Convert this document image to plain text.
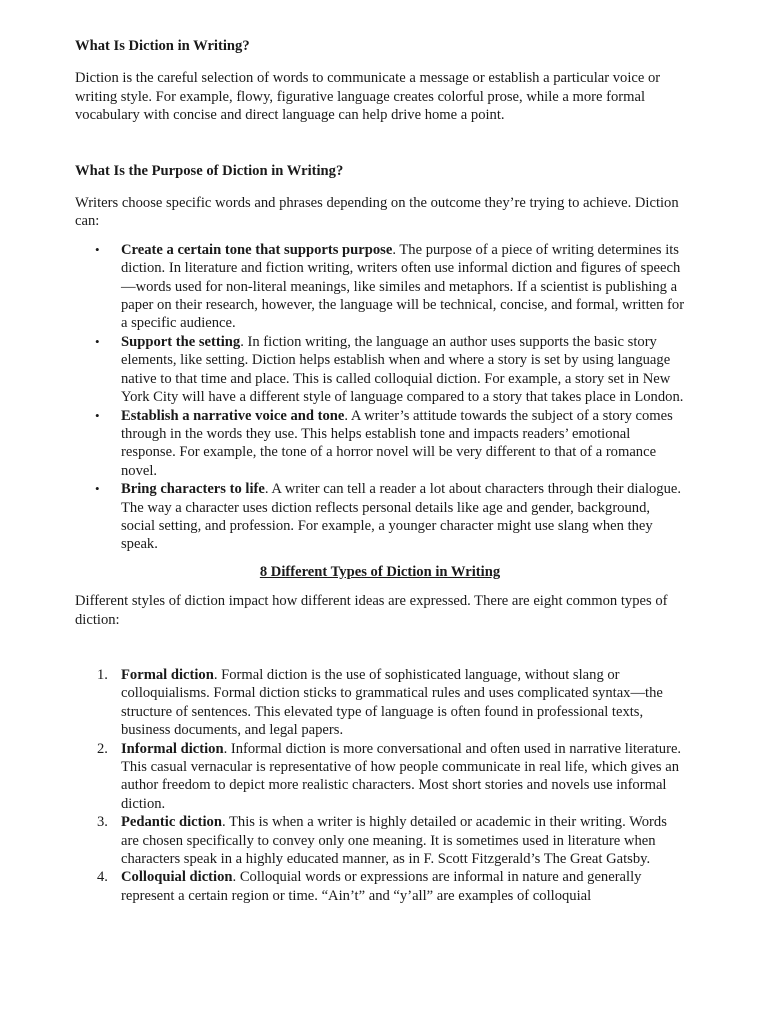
What Is Diction in Writing?

Diction is the careful selection of words to communicate a message or establish a particular voice or writing style. For example, flowy, figurative language creates colorful prose, while a more formal vocabulary with concise and direct language can help drive home a point.

What Is the Purpose of Diction in Writing?

Writers choose specific words and phrases depending on the outcome they’re trying to achieve. Diction can:

• Create a certain tone that supports purpose. The purpose of a piece of writing determines its diction. In literature and fiction writing, writers often use informal diction and figures of speech—words used for non-literal meanings, like similes and metaphors. If a scientist is publishing a paper on their research, however, the language will be technical, concise, and formal, written for a specific audience.
• Support the setting. In fiction writing, the language an author uses supports the basic story elements, like setting. Diction helps establish when and where a story is set by using language native to that time and place. This is called colloquial diction. For example, a story set in New York City will have a different style of language compared to a story that takes place in London.
• Establish a narrative voice and tone. A writer’s attitude towards the subject of a story comes through in the words they use. This helps establish tone and impacts readers’ emotional response. For example, the tone of a horror novel will be very different to that of a romance novel.
• Bring characters to life. A writer can tell a reader a lot about characters through their dialogue. The way a character uses diction reflects personal details like age and gender, background, social setting, and profession. For example, a younger character might use slang when they speak.

8 Different Types of Diction in Writing

Different styles of diction impact how different ideas are expressed. There are eight common types of diction:

1. Formal diction. Formal diction is the use of sophisticated language, without slang or colloquialisms. Formal diction sticks to grammatical rules and uses complicated syntax—the structure of sentences. This elevated type of language is often found in professional texts, business documents, and legal papers.
2. Informal diction. Informal diction is more conversational and often used in narrative literature. This casual vernacular is representative of how people communicate in real life, which gives an author freedom to depict more realistic characters. Most short stories and novels use informal diction.
3. Pedantic diction. This is when a writer is highly detailed or academic in their writing. Words are chosen specifically to convey only one meaning. It is sometimes used in literature when characters speak in a highly educated manner, as in F. Scott Fitzgerald’s The Great Gatsby.
4. Colloquial diction. Colloquial words or expressions are informal in nature and generally represent a certain region or time. “Ain’t” and “y’all” are examples of colloquial
